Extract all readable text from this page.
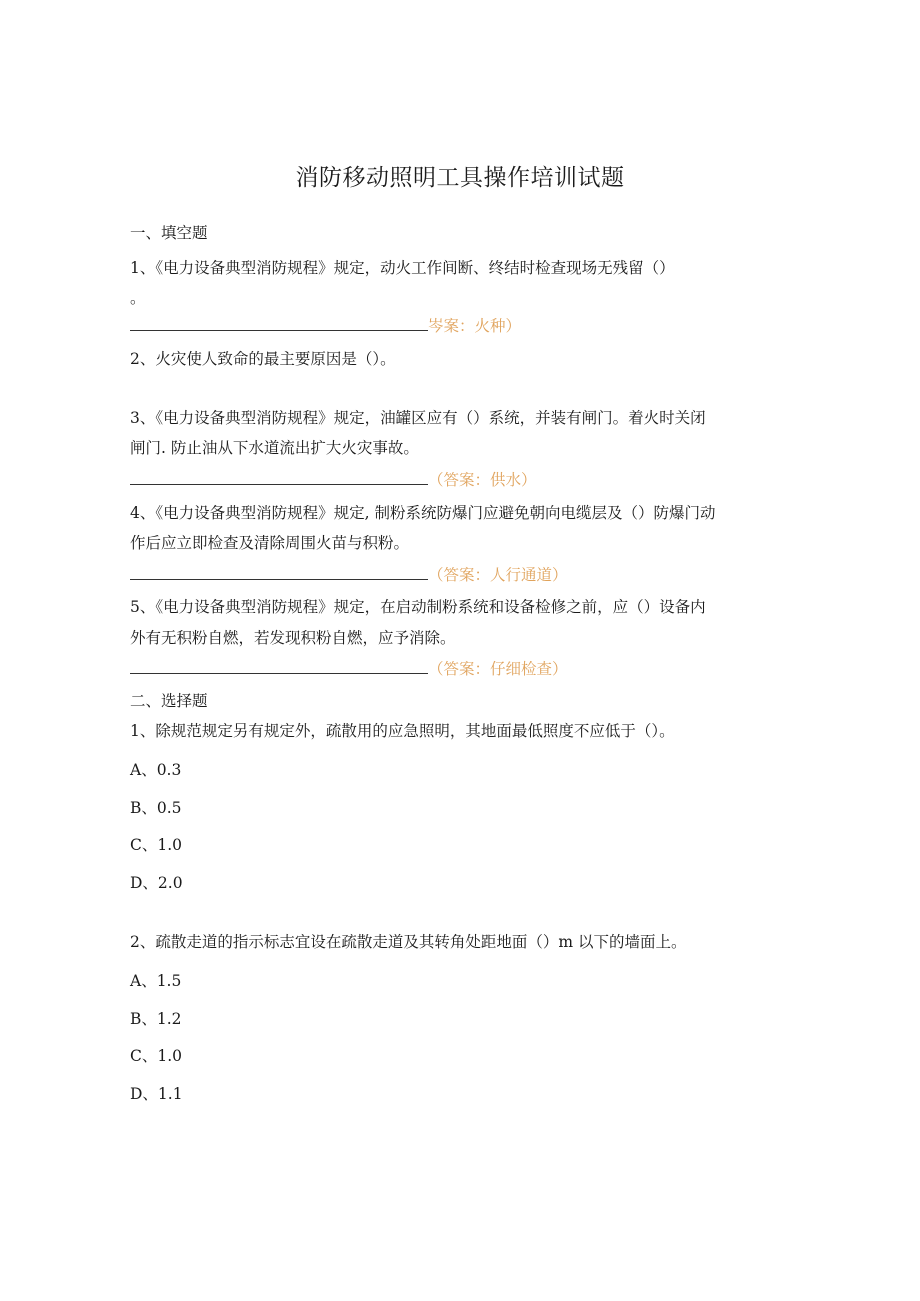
消防移动照明工具操作培训试题
一、填空题
1、《电力设备典型消防规程》规定，动火工作间断、终结时检查现场无残留（）
。
岑案：火种）
2、火灾使人致命的最主要原因是（）。
3、《电力设备典型消防规程》规定，油罐区应有（）系统，并装有闸门。着火时关闭
闸门. 防止油从下水道流出扩大火灾事故。
（答案：供水）
4、《电力设备典型消防规程》规定, 制粉系统防爆门应避免朝向电缆层及（）防爆门动
作后应立即检查及清除周围火苗与积粉。
（答案：人行通道）
5、《电力设备典型消防规程》规定，在启动制粉系统和设备检修之前，应（）设备内
外有无积粉自燃，若发现积粉自燃，应予消除。
（答案：仔细检查）
二、选择题
1、除规范规定另有规定外，疏散用的应急照明，其地面最低照度不应低于（）。
A、0.3
B、0.5
C、1.0
D、2.0
2、疏散走道的指示标志宜设在疏散走道及其转角处距地面（）m 以下的墙面上。
A、1.5
B、1.2
C、1.0
D、1.1
